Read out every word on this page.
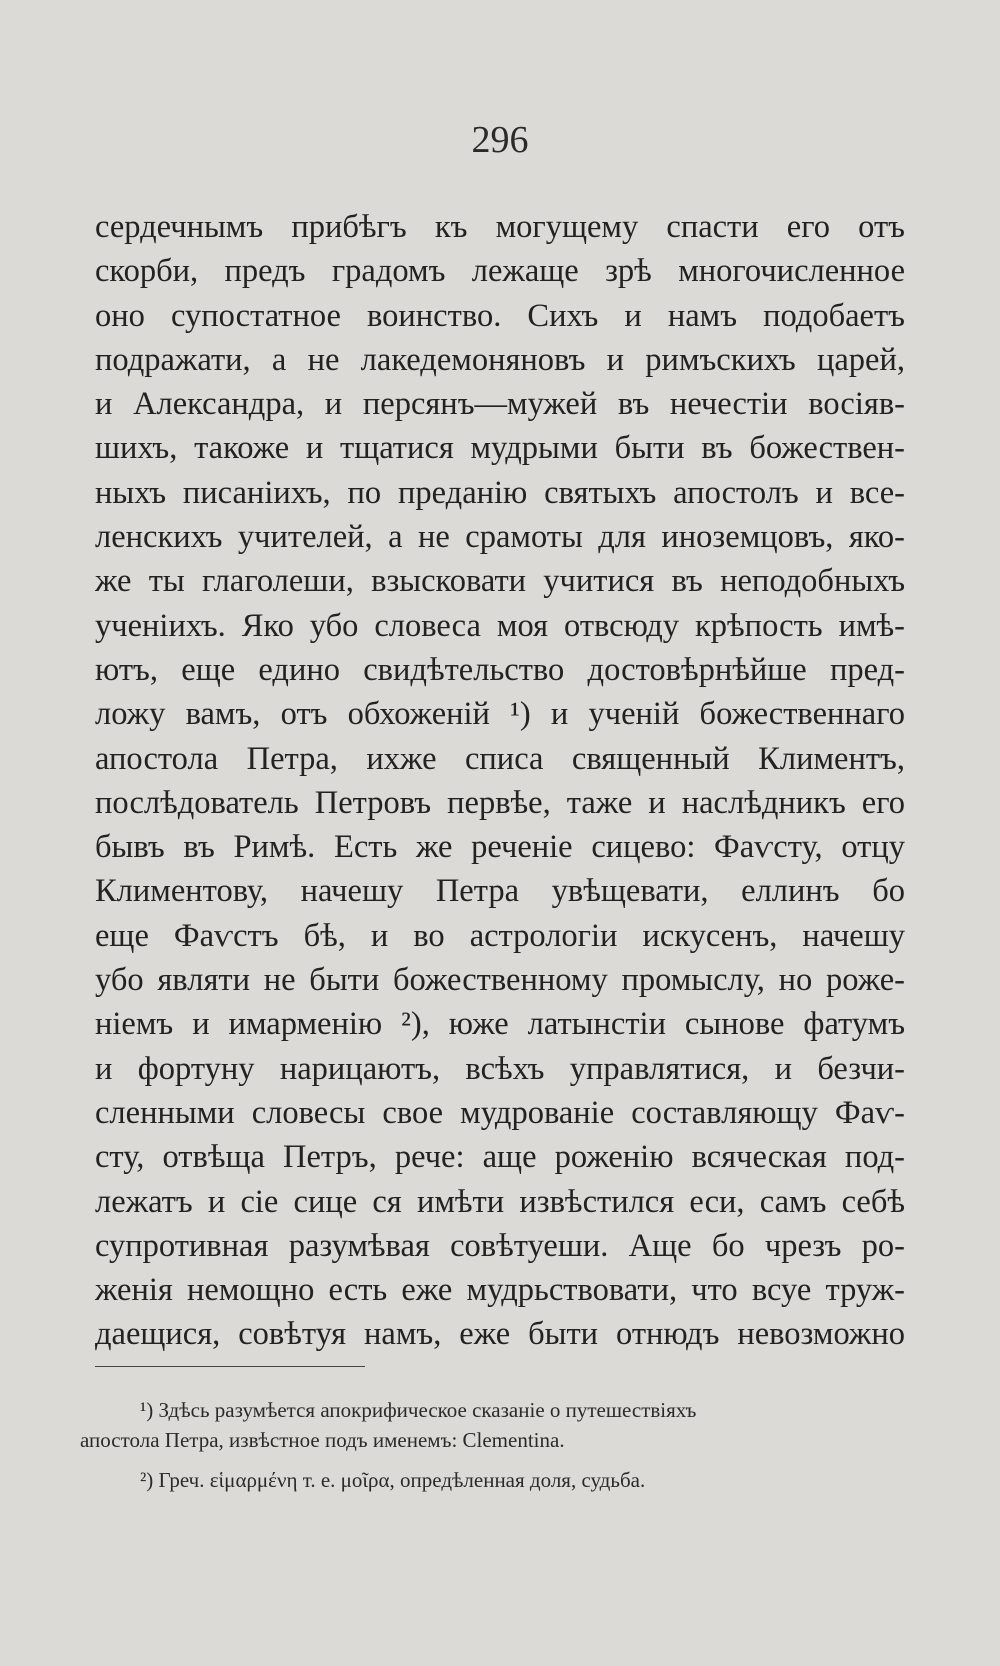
296
сердечнымъ прибѣгъ къ могущему спасти его отъ
скорби, предъ градомъ лежаще зрѣ многочисленное
оно супостатное воинство. Сихъ и намъ подобаетъ
подражати, а не лакедемоняновъ и римъскихъ царей,
и Александра, и персянъ—мужей въ нечестіи восіяв-
шихъ, такоже и тщатися мудрыми быти въ божествен-
ныхъ писаніихъ, по преданію святыхъ апостолъ и все-
ленскихъ учителей, а не срамоты для иноземцовъ, яко-
же ты глаголеши, взысковати учитися въ неподобныхъ
ученіихъ. Яко убо словеса моя отвсюду крѣпость имѣ-
ютъ, еще едино свидѣтельство достовѣрнѣйше пред-
ложу вамъ, отъ обхоженій ¹) и ученій божественнаго
апостола Петра, ихже списа священный Климентъ,
послѣдователь Петровъ первѣе, таже и наслѣдникъ его
бывъ въ Римѣ. Есть же реченіе сицево: Фаѵсту, отцу
Климентову, начешу Петра увѣщевати, еллинъ бо
еще Фаѵстъ бѣ, и во астрологіи искусенъ, начешу
убо являти не быти божественному промыслу, но роже-
ніемъ и имарменію ²), юже латынстіи сынове фатумъ
и фортуну нарицаютъ, всѣхъ управлятися, и безчи-
сленными словесы свое мудрованіе составляющу Фаѵ-
сту, отвѣща Петръ, рече: аще роженію всяческая под-
лежатъ и сіе сице ся имѣти извѣстился еси, самъ себѣ
супротивная разумѣвая совѣтуеши. Аще бо чрезъ ро-
женія немощно есть еже мудрьствовати, что всуе труж-
даещися, совѣтуя намъ, еже быти отнюдъ невозможно
¹) Здѣсь разумѣется апокрифическое сказаніе о путешествіяхъ
апостола Петра, извѣстное подъ именемъ: Clementina.
²) Греч. εἱμαρμένη т. е. μοῖρα, опредѣленная доля, судьба.
